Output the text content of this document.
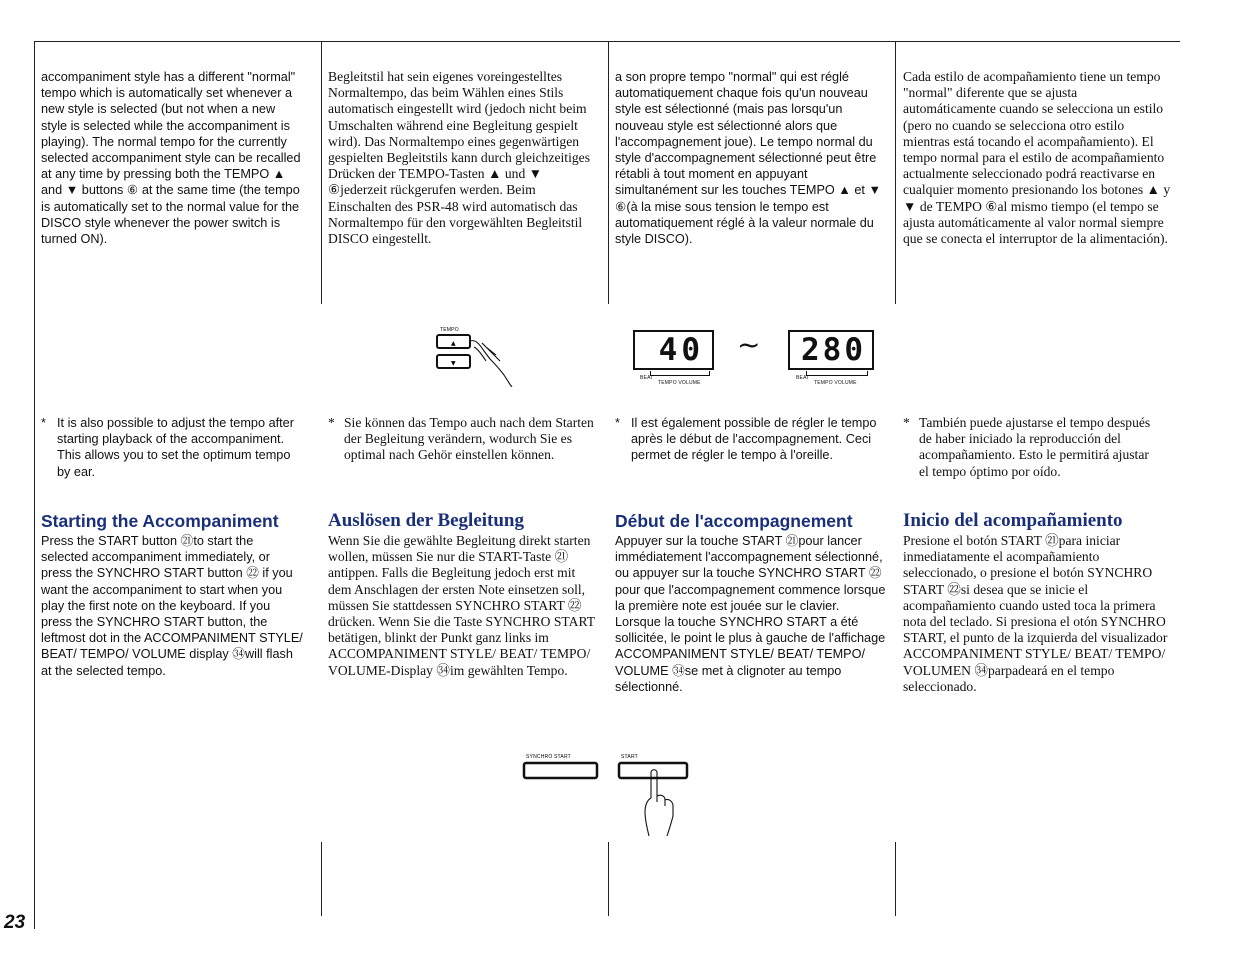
accompaniment style has a different "normal" tempo which is automatically set whenever a new style is selected (but not when a new style is selected while the accompaniment is playing). The normal tempo for the currently selected accompaniment style can be recalled at any time by pressing both the TEMPO ▲ and ▼ buttons ⑥ at the same time (the tempo is automatically set to the normal value for the DISCO style whenever the power switch is turned ON).
Begleitstil hat sein eigenes voreingestelltes Normaltempo, das beim Wählen eines Stils automatisch eingestellt wird (jedoch nicht beim Umschalten während eine Begleitung gespielt wird). Das Normaltempo eines gegenwärtigen gespielten Begleitstils kann durch gleichzeitiges Drücken der TEMPO-Tasten ▲ und ▼ ⑥jederzeit rückgerufen werden. Beim Einschalten des PSR-48 wird automatisch das Normaltempo für den vorgewählten Begleitstil DISCO eingestellt.
a son propre tempo "normal" qui est réglé automatiquement chaque fois qu'un nouveau style est sélectionné (mais pas lorsqu'un nouveau style est sélectionné alors que l'accompagnement joue). Le tempo normal du style d'accompagnement sélectionné peut être rétabli à tout moment en appuyant simultanément sur les touches TEMPO ▲ et ▼ ⑥(à la mise sous tension le tempo est automatiquement réglé à la valeur normale du style DISCO).
Cada estilo de acompañamiento tiene un tempo "normal" diferente que se ajusta automáticamente cuando se selecciona un estilo (pero no cuando se selecciona otro estilo mientras está tocando el acompañamiento). El tempo normal para el estilo de acompañamiento actualmente seleccionado podrá reactivarse en cualquier momento presionando los botones ▲ y ▼ de TEMPO ⑥al mismo tiempo (el tempo se ajusta automáticamente al valor normal siempre que se conecta el interruptor de la alimentación).
TEMPO
▲
▼	40
BEAT
TEMPO VOLUME
~ 280
BEAT
TEMPO VOLUME
* It is also possible to adjust the tempo after starting playback of the accompaniment. This allows you to set the optimum tempo by ear.
* Sie können das Tempo auch nach dem Starten der Begleitung verändern, wodurch Sie es optimal nach Gehör einstellen können.
* Il est également possible de régler le tempo après le début de l'accompagnement. Ceci permet de régler le tempo à l'oreille.
* También puede ajustarse el tempo después de haber iniciado la reproducción del acompañamiento. Esto le permitirá ajustar el tempo óptimo por oído.
Starting the Accompaniment	Auslösen der Begleitung	Début de l'accompagnement	Inicio del acompañamiento
Press the START button ㉑to start the selected accompaniment immediately, or press the SYNCHRO START button ㉒ if you want the accompaniment to start when you play the first note on the keyboard. If you press the SYNCHRO START button, the leftmost dot in the ACCOMPANIMENT STYLE/ BEAT/ TEMPO/ VOLUME display ㉞will flash at the selected tempo.
Wenn Sie die gewählte Begleitung direkt starten wollen, müssen Sie nur die START-Taste ㉑antippen. Falls die Begleitung jedoch erst mit dem Anschlagen der ersten Note einsetzen soll, müssen Sie stattdessen SYNCHRO START ㉒drücken. Wenn Sie die Taste SYNCHRO START betätigen, blinkt der Punkt ganz links im ACCOMPANIMENT STYLE/ BEAT/ TEMPO/ VOLUME-Display ㉞im gewählten Tempo.
Appuyer sur la touche START ㉑pour lancer immédiatement l'accompagnement sélectionné, ou appuyer sur la touche SYNCHRO START ㉒pour que l'accompagnement commence lorsque la première note est jouée sur le clavier. Lorsque la touche SYNCHRO START a été sollicitée, le point le plus à gauche de l'affichage ACCOMPANIMENT STYLE/ BEAT/ TEMPO/ VOLUME ㉞se met à clignoter au tempo sélectionné.
Presione el botón START ㉑para iniciar inmediatamente el acompañamiento seleccionado, o presione el botón SYNCHRO START ㉒si desea que se inicie el acompañamiento cuando usted toca la primera nota del teclado. Si presiona el otón SYNCHRO START, el punto de la izquierda del visualizador ACCOMPANIMENT STYLE/ BEAT/ TEMPO/ VOLUMEN ㉞parpadeará en el tempo seleccionado.
SYNCHRO START	START
23
